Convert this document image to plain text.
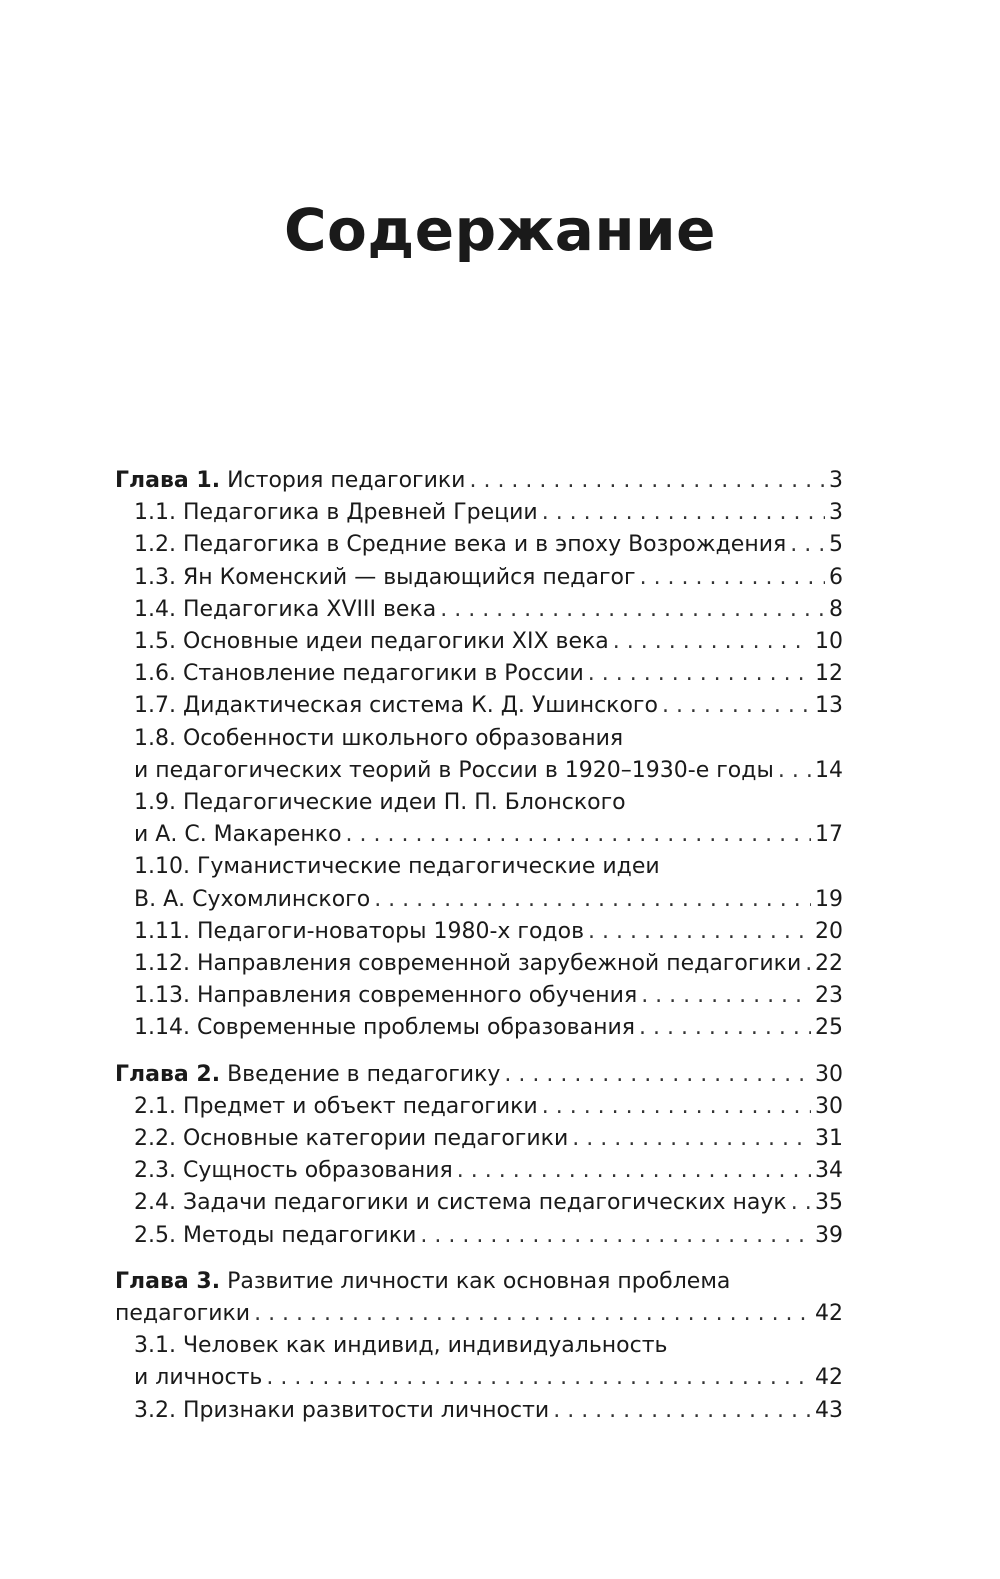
Содержание
Глава 1.
История педагогики . . .	3
1.1. Педагогика в Древней Греции . . .	3
1.2. Педагогика в Средние века и в эпоху Возрождения . . . 5
1.3. Ян Коменский — выдающийся педагог . . .	6
1.4. Педагогика XVIII века . . .	8
1.5. Основные идеи педагогики XIX века . . .	10
1.6. Становление педагогики в России . . .	12
1.7. Дидактическая система К. Д. Ушинского . . .	13
1.8. Особенности школьного образования
и педагогических теорий в России в 1920–1930-е годы . . . 14
1.9. Педагогические идеи П. П. Блонского
и А. С. Макаренко . . .	17
1.10. Гуманистические педагогические идеи
В. А. Сухомлинского . . .	19
1.11. Педагоги-новаторы 1980-х годов . . .	20
1.12. Направления современной зарубежной педагогики . . . 22
1.13. Направления современного обучения . . .	23
1.14. Современные проблемы образования . . .	25
Глава 2.
Введение в педагогику . . .	30
2.1. Предмет и объект педагогики . . .	30
2.2. Основные категории педагогики . . .	31
2.3. Сущность образования . . .	34
2.4. Задачи педагогики и система педагогических наук . . . 35
2.5. Методы педагогики . . .	39
Глава 3. Развитие личности как основная проблема
педагогики . . .	42
3.1. Человек как индивид, индивидуальность
и личность . . .	42
3.2. Признаки развитости личности . . .	43
